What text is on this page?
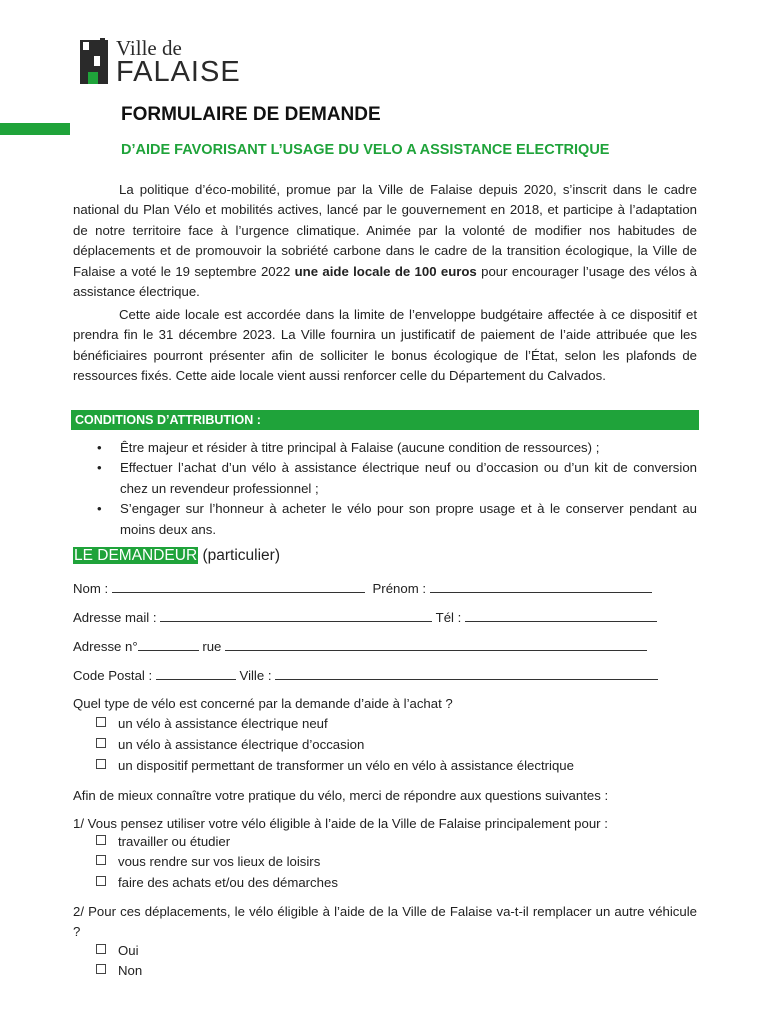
Ville de
FALAISE
FORMULAIRE DE DEMANDE
D’AIDE FAVORISANT L’USAGE DU VELO A ASSISTANCE ELECTRIQUE
La politique d’éco-mobilité, promue par la Ville de Falaise depuis 2020, s’inscrit dans le cadre national du Plan Vélo et mobilités actives, lancé par le gouvernement en 2018, et participe à l’adaptation de notre territoire face à l’urgence climatique. Animée par la volonté de modifier nos habitudes de déplacements et de promouvoir la sobriété carbone dans le cadre de la transition écologique, la Ville de Falaise a voté le 19 septembre 2022 une aide locale de 100 euros pour encourager l’usage des vélos à assistance électrique.
Cette aide locale est accordée dans la limite de l’enveloppe budgétaire affectée à ce dispositif et prendra fin le 31 décembre 2023. La Ville fournira un justificatif de paiement de l’aide attribuée que les bénéficiaires pourront présenter afin de solliciter le bonus écologique de l’État, selon les plafonds de ressources fixés. Cette aide locale vient aussi renforcer celle du Département du Calvados.
CONDITIONS D’ATTRIBUTION :
• Être majeur et résider à titre principal à Falaise (aucune condition de ressources) ;
• Effectuer l’achat d’un vélo à assistance électrique neuf ou d’occasion ou d’un kit de conversion chez un revendeur professionnel ;
• S’engager sur l’honneur à acheter le vélo pour son propre usage et à le conserver pendant au moins deux ans.
LE DEMANDEUR (particulier)
Nom :	Prénom :
Adresse mail :	Tél :
Adresse n°	rue
Code Postal :	Ville :
Quel type de vélo est concerné par la demande d’aide à l’achat ?
un vélo à assistance électrique neuf
un vélo à assistance électrique d’occasion
un dispositif permettant de transformer un vélo en vélo à assistance électrique
Afin de mieux connaître votre pratique du vélo, merci de répondre aux questions suivantes :
1/ Vous pensez utiliser votre vélo éligible à l’aide de la Ville de Falaise principalement pour :
travailler ou étudier
vous rendre sur vos lieux de loisirs
faire des achats et/ou des démarches
2/ Pour ces déplacements, le vélo éligible à l’aide de la Ville de Falaise va-t-il remplacer un autre véhicule ?
Oui
Non
